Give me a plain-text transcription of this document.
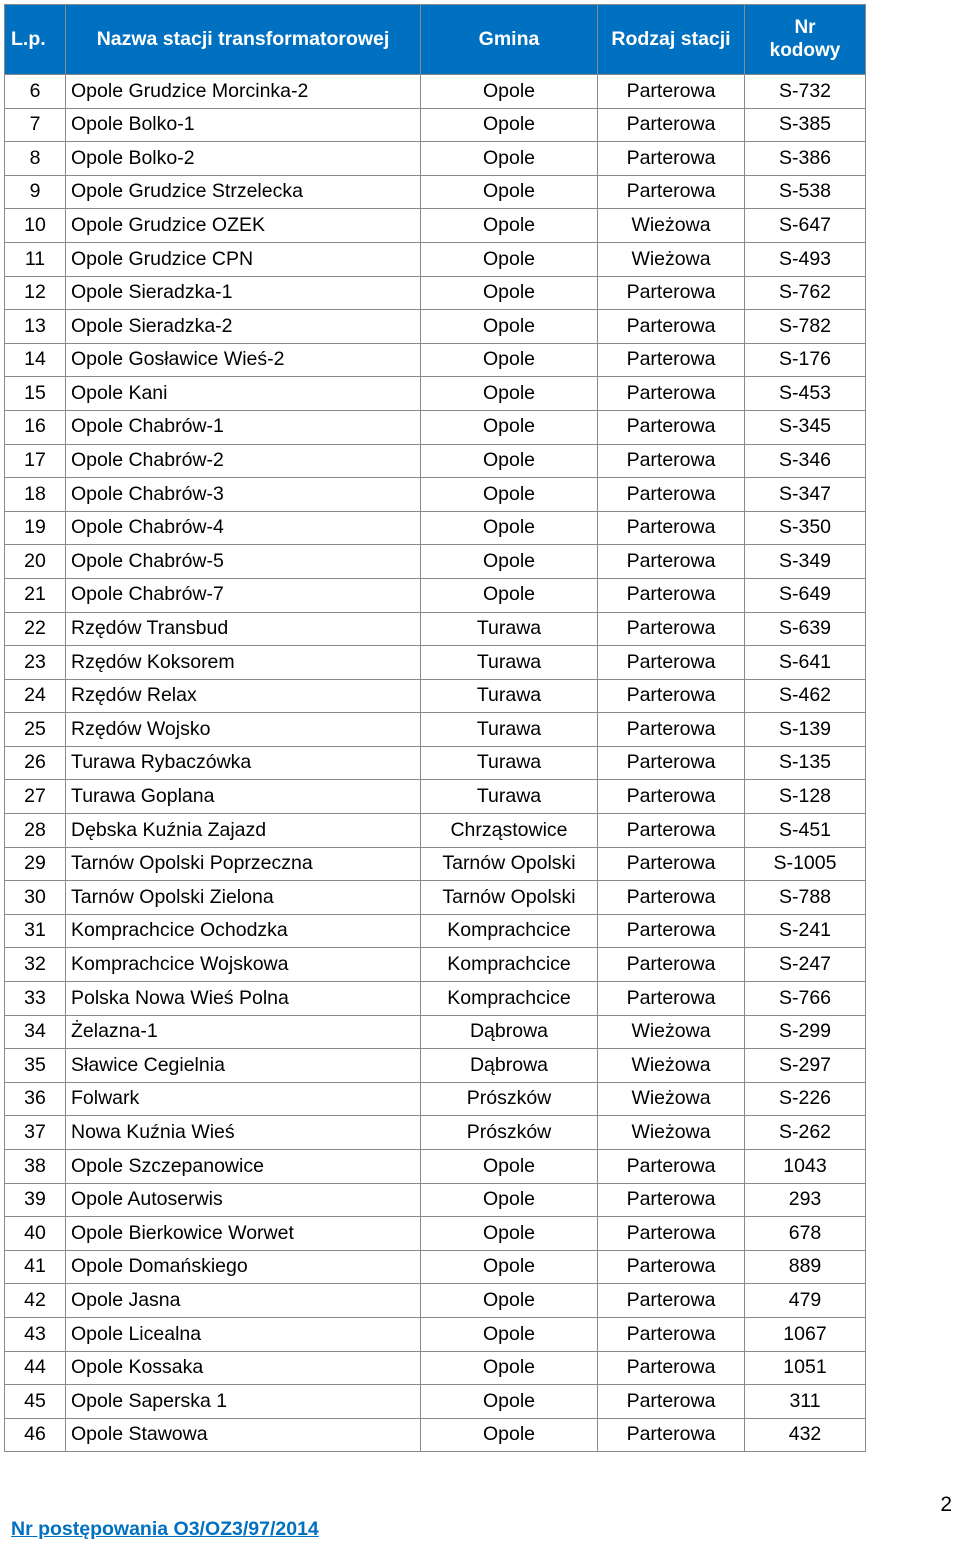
L.p.	Nazwa stacji transformatorowej	Gmina	Rodzaj stacji	Nr
kodowy
6	Opole Grudzice Morcinka-2	Opole	Parterowa	S-732
7	Opole Bolko-1	Opole	Parterowa	S-385
8	Opole Bolko-2	Opole	Parterowa	S-386
9	Opole Grudzice Strzelecka	Opole	Parterowa	S-538
10	Opole Grudzice OZEK	Opole	Wieżowa	S-647
11	Opole Grudzice CPN	Opole	Wieżowa	S-493
12	Opole Sieradzka-1	Opole	Parterowa	S-762
13	Opole Sieradzka-2	Opole	Parterowa	S-782
14	Opole Gosławice Wieś-2	Opole	Parterowa	S-176
15	Opole Kani	Opole	Parterowa	S-453
16	Opole Chabrów-1	Opole	Parterowa	S-345
17	Opole Chabrów-2	Opole	Parterowa	S-346
18	Opole Chabrów-3	Opole	Parterowa	S-347
19	Opole Chabrów-4	Opole	Parterowa	S-350
20	Opole Chabrów-5	Opole	Parterowa	S-349
21	Opole Chabrów-7	Opole	Parterowa	S-649
22	Rzędów Transbud	Turawa	Parterowa	S-639
23	Rzędów Koksorem	Turawa	Parterowa	S-641
24	Rzędów Relax	Turawa	Parterowa	S-462
25	Rzędów Wojsko	Turawa	Parterowa	S-139
26	Turawa Rybaczówka	Turawa	Parterowa	S-135
27	Turawa Goplana	Turawa	Parterowa	S-128
28	Dębska Kuźnia Zajazd	Chrząstowice	Parterowa	S-451
29	Tarnów Opolski Poprzeczna	Tarnów Opolski	Parterowa	S-1005
30	Tarnów Opolski Zielona	Tarnów Opolski	Parterowa	S-788
31	Komprachcice Ochodzka	Komprachcice	Parterowa	S-241
32	Komprachcice Wojskowa	Komprachcice	Parterowa	S-247
33	Polska Nowa Wieś Polna	Komprachcice	Parterowa	S-766
34	Żelazna-1	Dąbrowa	Wieżowa	S-299
35	Sławice Cegielnia	Dąbrowa	Wieżowa	S-297
36	Folwark	Prószków	Wieżowa	S-226
37	Nowa Kuźnia Wieś	Prószków	Wieżowa	S-262
38	Opole Szczepanowice	Opole	Parterowa	1043
39	Opole Autoserwis	Opole	Parterowa	293
40	Opole Bierkowice Worwet	Opole	Parterowa	678
41	Opole Domańskiego	Opole	Parterowa	889
42	Opole Jasna	Opole	Parterowa	479
43	Opole Licealna	Opole	Parterowa	1067
44	Opole Kossaka	Opole	Parterowa	1051
45	Opole Saperska 1	Opole	Parterowa	311
46	Opole Stawowa	Opole	Parterowa	432
Nr postępowania O3/OZ3/97/2014
2
